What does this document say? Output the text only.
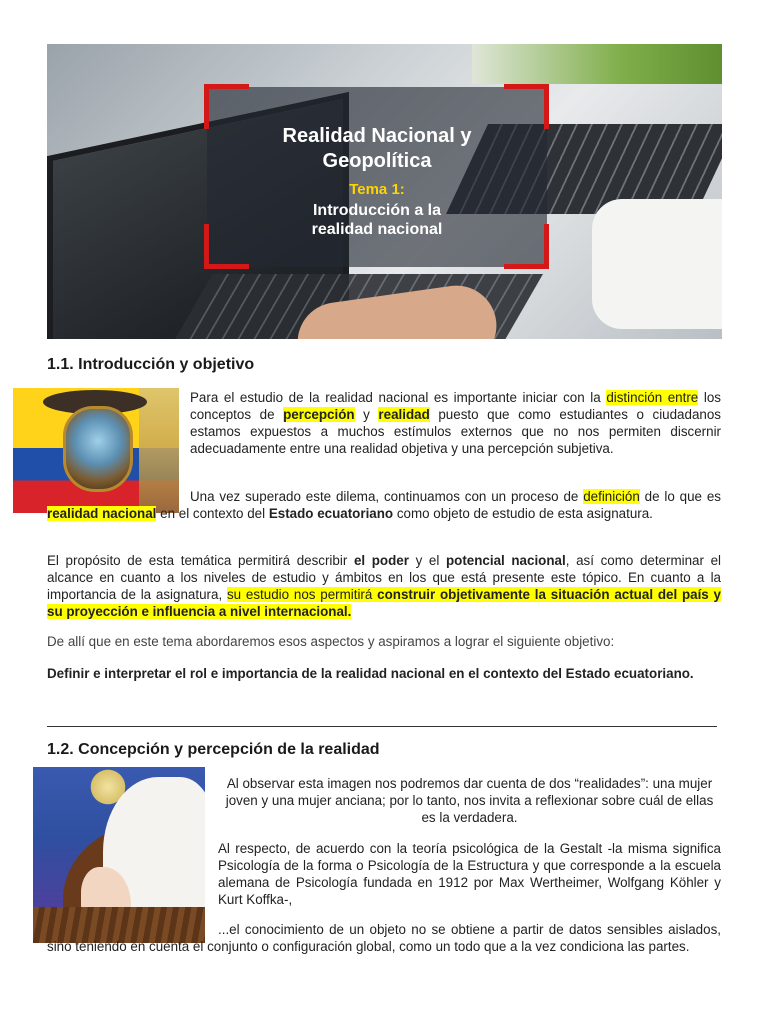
Realidad Nacional y
Geopolítica
Tema 1:
Introducción a la
realidad nacional
1.1. Introducción y objetivo

Para el estudio de la realidad nacional es importante iniciar con la distinción entre los conceptos de percepción y realidad puesto que como estudiantes o ciudadanos estamos expuestos a muchos estímulos externos que no nos permiten discernir adecuadamente entre una realidad objetiva y una percepción subjetiva.

Una vez superado este dilema, continuamos con un proceso de definición de lo que es realidad nacional en el contexto del Estado ecuatoriano como objeto de estudio de esta asignatura.

El propósito de esta temática permitirá describir el poder y el potencial nacional, así como determinar el alcance en cuanto a los niveles de estudio y ámbitos en los que está presente este tópico. En cuanto a la importancia de la asignatura, su estudio nos permitirá construir objetivamente la situación actual del país y su proyección e influencia a nivel internacional.

De allí que en este tema abordaremos esos aspectos y aspiramos a lograr el siguiente objetivo:

Definir e interpretar el rol e importancia de la realidad nacional en el contexto del Estado ecuatoriano.

1.2. Concepción y percepción de la realidad

Al observar esta imagen nos podremos dar cuenta de dos “realidades”: una mujer joven y una mujer anciana; por lo tanto, nos invita a reflexionar sobre cuál de ellas es la verdadera.

Al respecto, de acuerdo con la teoría psicológica de la Gestalt -la misma significa Psicología de la forma o Psicología de la Estructura y que corresponde a la escuela alemana de Psicología fundada en 1912 por Max Wertheimer, Wolfgang Köhler y Kurt Koffka-,

...el conocimiento de un objeto no se obtiene a partir de datos sensibles aislados, sino teniendo en cuenta el conjunto o configuración global, como un todo que a la vez condiciona las partes.
